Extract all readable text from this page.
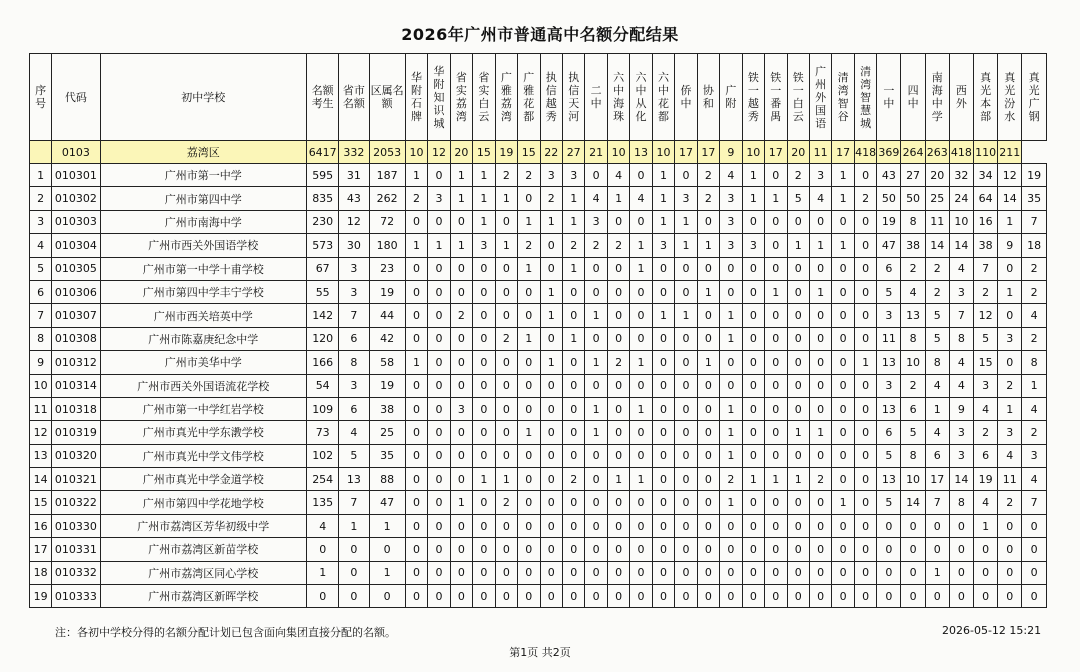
2026年广州市普通高中名额分配结果
序号	代码	初中学校	名额考生	省市名额	区属名额	华附石牌	华附知识城	省实荔湾	省实白云	广雅荔湾	广雅花都	执信越秀	执信天河	二中	六中海珠	六中从化	六中花都	侨中	协和	广附	铁一越秀	铁一番禺	铁一白云	广州外国语	清湾智谷	清湾智慧城	一中	四中	南海中学	西外	真光本部	真光汾水	真光广钢
	0103	荔湾区	6417	332	2053	10	12	20	15	19	15	22	27	21	10	13	10	17	17	9	10	17	20	11	17	418	369	264	263	418	110	211	
1	010301	广州市第一中学	595	31	187	1	0	1	1	2	2	3	3	0	4	0	1	0	2	4	1	0	2	3	1	0	43	27	20	32	34	12	19
2	010302	广州市第四中学	835	43	262	2	3	1	1	1	0	2	1	4	1	4	1	3	2	3	1	1	5	4	1	2	50	50	25	24	64	14	35
3	010303	广州市南海中学	230	12	72	0	0	0	1	0	1	1	1	3	0	0	1	1	0	3	0	0	0	0	0	0	19	8	11	10	16	1	7
4	010304	广州市西关外国语学校	573	30	180	1	1	1	3	1	2	0	2	2	2	1	3	1	1	3	3	0	1	1	1	0	47	38	14	14	38	9	18
5	010305	广州市第一中学十甫学校	67	3	23	0	0	0	0	0	1	0	1	0	0	1	0	0	0	0	0	0	0	0	0	0	6	2	2	4	7	0	2
6	010306	广州市第四中学丰宁学校	55	3	19	0	0	0	0	0	0	1	0	0	0	0	0	0	1	0	0	1	0	1	0	0	5	4	2	3	2	1	2
7	010307	广州市西关培英中学	142	7	44	0	0	2	0	0	0	1	0	1	0	0	1	1	0	1	0	0	0	0	0	0	3	13	5	7	12	0	4
8	010308	广州市陈嘉庚纪念中学	120	6	42	0	0	0	0	2	1	0	1	0	0	0	0	0	0	1	0	0	0	0	0	0	11	8	5	8	5	3	2
9	010312	广州市美华中学	166	8	58	1	0	0	0	0	0	1	0	1	2	1	0	0	1	0	0	0	0	0	0	1	13	10	8	4	15	0	8
10	010314	广州市西关外国语流花学校	54	3	19	0	0	0	0	0	0	0	0	0	0	0	0	0	0	0	0	0	0	0	0	0	3	2	4	4	3	2	1
11	010318	广州市第一中学红岩学校	109	6	38	0	0	3	0	0	0	0	0	1	0	1	0	0	0	1	0	0	0	0	0	0	13	6	1	9	4	1	4
12	010319	广州市真光中学东漖学校	73	4	25	0	0	0	0	0	1	0	0	1	0	0	0	0	0	1	0	0	1	1	0	0	6	5	4	3	2	3	2
13	010320	广州市真光中学文伟学校	102	5	35	0	0	0	0	0	0	0	0	0	0	0	0	0	0	1	0	0	0	0	0	0	5	8	6	3	6	4	3
14	010321	广州市真光中学金道学校	254	13	88	0	0	0	1	1	0	0	2	0	1	1	0	0	0	2	1	1	1	2	0	0	13	10	17	14	19	11	4
15	010322	广州市第四中学花地学校	135	7	47	0	0	1	0	2	0	0	0	0	0	0	0	0	0	1	0	0	0	0	1	0	5	14	7	8	4	2	7
16	010330	广州市荔湾区芳华初级中学	4	1	1	0	0	0	0	0	0	0	0	0	0	0	0	0	0	0	0	0	0	0	0	0	0	0	0	0	1	0	0
17	010331	广州市荔湾区新苗学校	0	0	0	0	0	0	0	0	0	0	0	0	0	0	0	0	0	0	0	0	0	0	0	0	0	0	0	0	0	0	0
18	010332	广州市荔湾区同心学校	1	0	1	0	0	0	0	0	0	0	0	0	0	0	0	0	0	0	0	0	0	0	0	0	0	0	1	0	0	0	0
19	010333	广州市荔湾区新晖学校	0	0	0	0	0	0	0	0	0	0	0	0	0	0	0	0	0	0	0	0	0	0	0	0	0	0	0	0	0	0	0
注：各初中学校分得的名额分配计划已包含面向集团直接分配的名额。	2026-05-12 15:21
第1页 共2页
